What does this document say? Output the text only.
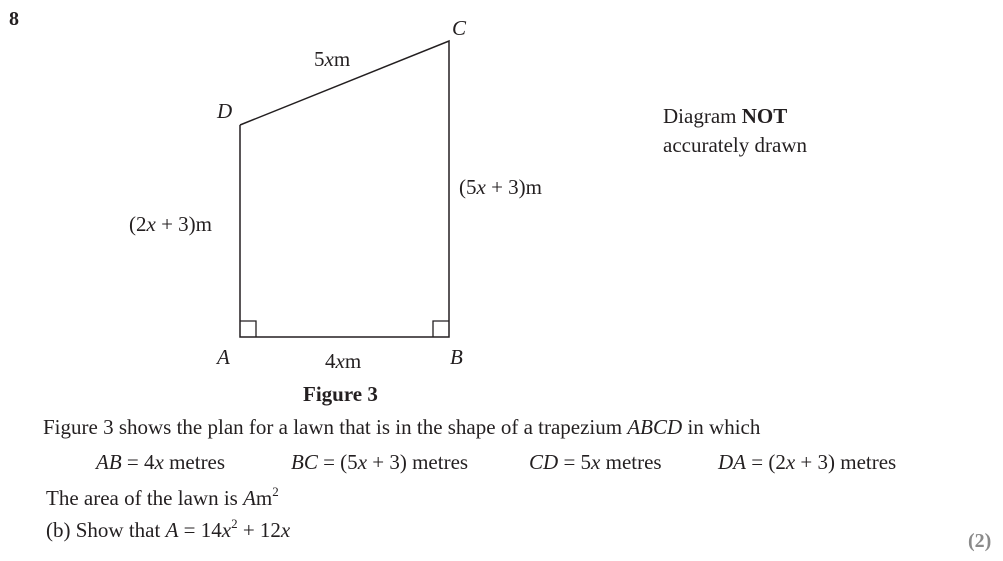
8	C
D
A	B
5xm
(5x + 3)m
(2x + 3)m
4xm
Figure 3
Diagram NOT
accurately drawn
Figure 3 shows the plan for a lawn that is in the shape of a trapezium ABCD in which
AB = 4x metres	BC = (5x + 3) metres	CD = 5x metres	DA = (2x + 3) metres
The area of the lawn is Am$^2$
(b) Show that $A = 14x^2 + 12x$	(2)
